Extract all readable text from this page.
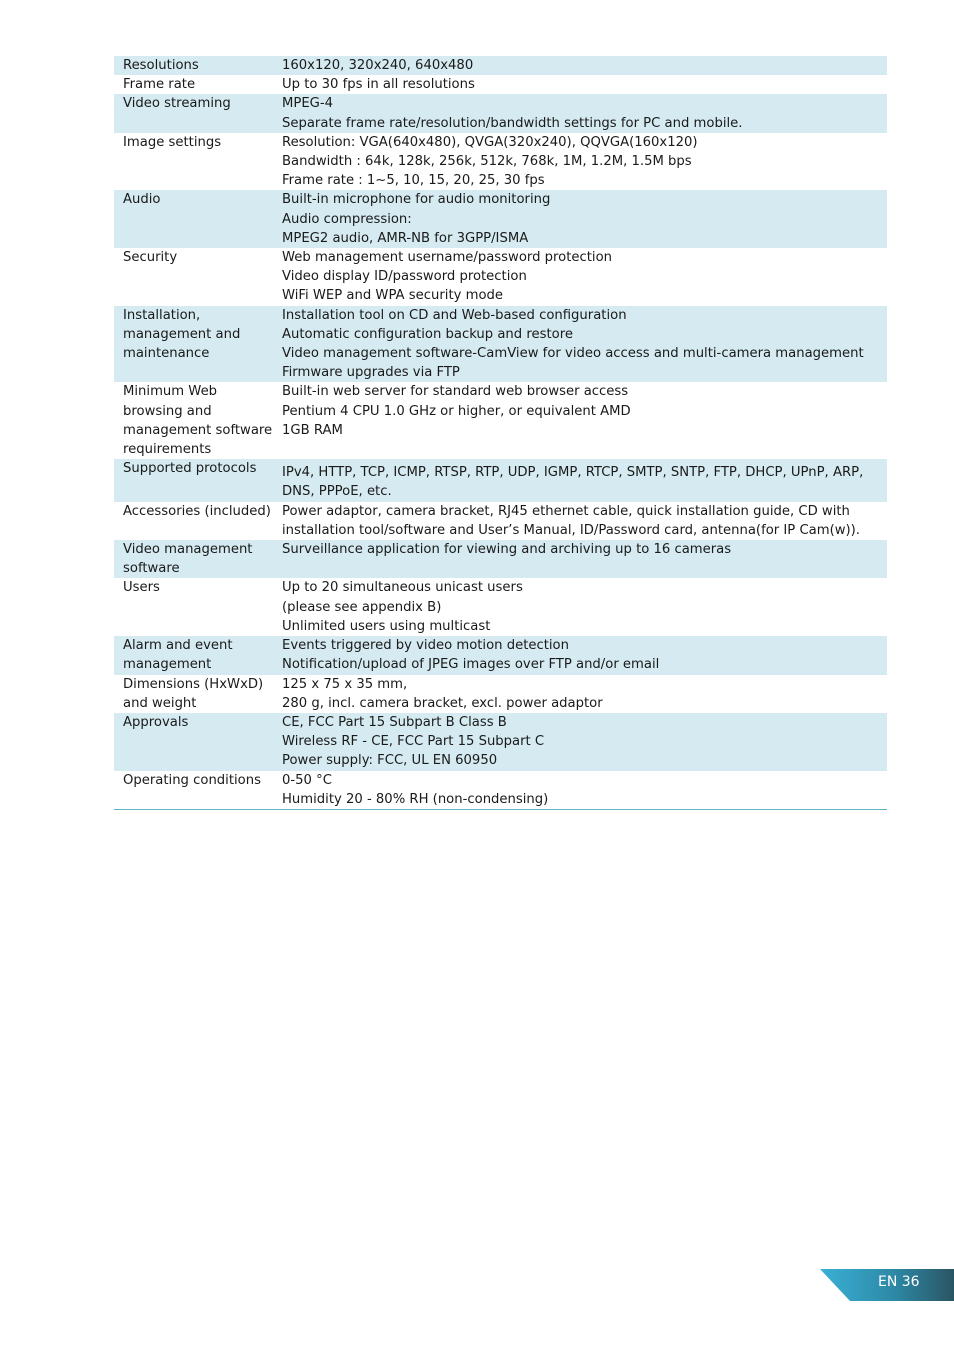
Resolutions	160x120, 320x240, 640x480

Frame rate	Up to 30 fps in all resolutions

Video streaming	MPEG-4
Separate frame rate/resolution/bandwidth settings for PC and mobile.

Image settings	Resolution: VGA(640x480), QVGA(320x240), QQVGA(160x120)
Bandwidth : 64k, 128k, 256k, 512k, 768k, 1M, 1.2M, 1.5M bps
Frame rate : 1~5, 10, 15, 20, 25, 30 fps

Audio	Built-in microphone for audio monitoring
Audio compression:
MPEG2 audio, AMR-NB for 3GPP/ISMA

Security	Web management username/password protection
Video display ID/password protection
WiFi WEP and WPA security mode

Installation,
management and
maintenance	Installation tool on CD and Web-based configuration
Automatic configuration backup and restore
Video management software-CamView for video access and multi-camera management
Firmware upgrades via FTP

Minimum Web
browsing and
management software
requirements	Built-in web server for standard web browser access
Pentium 4 CPU 1.0 GHz or higher, or equivalent AMD
1GB RAM

Supported protocols	IPv4, HTTP, TCP, ICMP, RTSP, RTP, UDP, IGMP, RTCP, SMTP, SNTP, FTP, DHCP, UPnP, ARP,
DNS, PPPoE, etc.

Accessories (included)	Power adaptor, camera bracket, RJ45 ethernet cable, quick installation guide, CD with
installation tool/software and User’s Manual, ID/Password card, antenna(for IP Cam(w)).

Video management
software	Surveillance application for viewing and archiving up to 16 cameras

Users	Up to 20 simultaneous unicast users
(please see appendix B)
Unlimited users using multicast

Alarm and event
management	Events triggered by video motion detection
Notification/upload of JPEG images over FTP and/or email

Dimensions (HxWxD)
and weight	125 x 75 x 35 mm,
280 g, incl. camera bracket, excl. power adaptor

Approvals	CE, FCC Part 15 Subpart B Class B
Wireless RF - CE, FCC Part 15 Subpart C
Power supply: FCC, UL EN 60950

Operating conditions	0-50 °C
Humidity 20 - 80% RH (non-condensing)
EN 36
